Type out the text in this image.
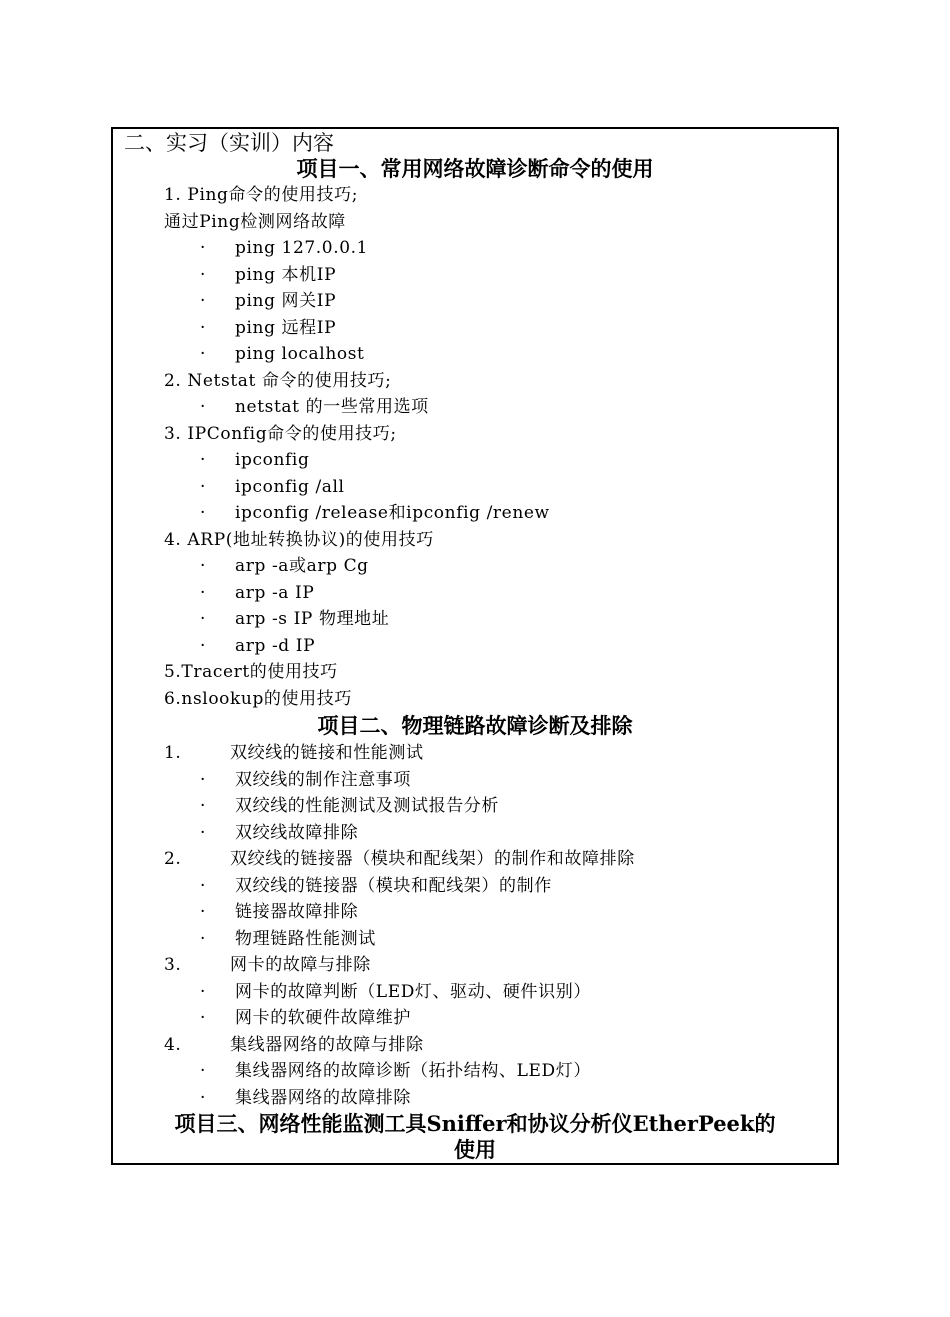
二、实习（实训）内容
项目一、常用网络故障诊断命令的使用
1. Ping命令的使用技巧;
通过Ping检测网络故障
· ping 127.0.0.1
· ping 本机IP
· ping 网关IP
· ping 远程IP
· ping localhost
2. Netstat 命令的使用技巧;
· netstat 的一些常用选项
3. IPConfig命令的使用技巧;
· ipconfig
· ipconfig /all
· ipconfig /release和ipconfig /renew
4. ARP(地址转换协议)的使用技巧
· arp -a或arp Cg
· arp -a IP
· arp -s IP 物理地址
· arp -d IP
5.Tracert的使用技巧
6.nslookup的使用技巧
项目二、物理链路故障诊断及排除
1.	双绞线的链接和性能测试
· 双绞线的制作注意事项
· 双绞线的性能测试及测试报告分析
· 双绞线故障排除
2.	双绞线的链接器（模块和配线架）的制作和故障排除
· 双绞线的链接器（模块和配线架）的制作
· 链接器故障排除
· 物理链路性能测试
3.	网卡的故障与排除
· 网卡的故障判断（LED灯、驱动、硬件识别）
· 网卡的软硬件故障维护
4.	集线器网络的故障与排除
· 集线器网络的故障诊断（拓扑结构、LED灯）
· 集线器网络的故障排除
项目三、网络性能监测工具Sniffer和协议分析仪EtherPeek的
使用
